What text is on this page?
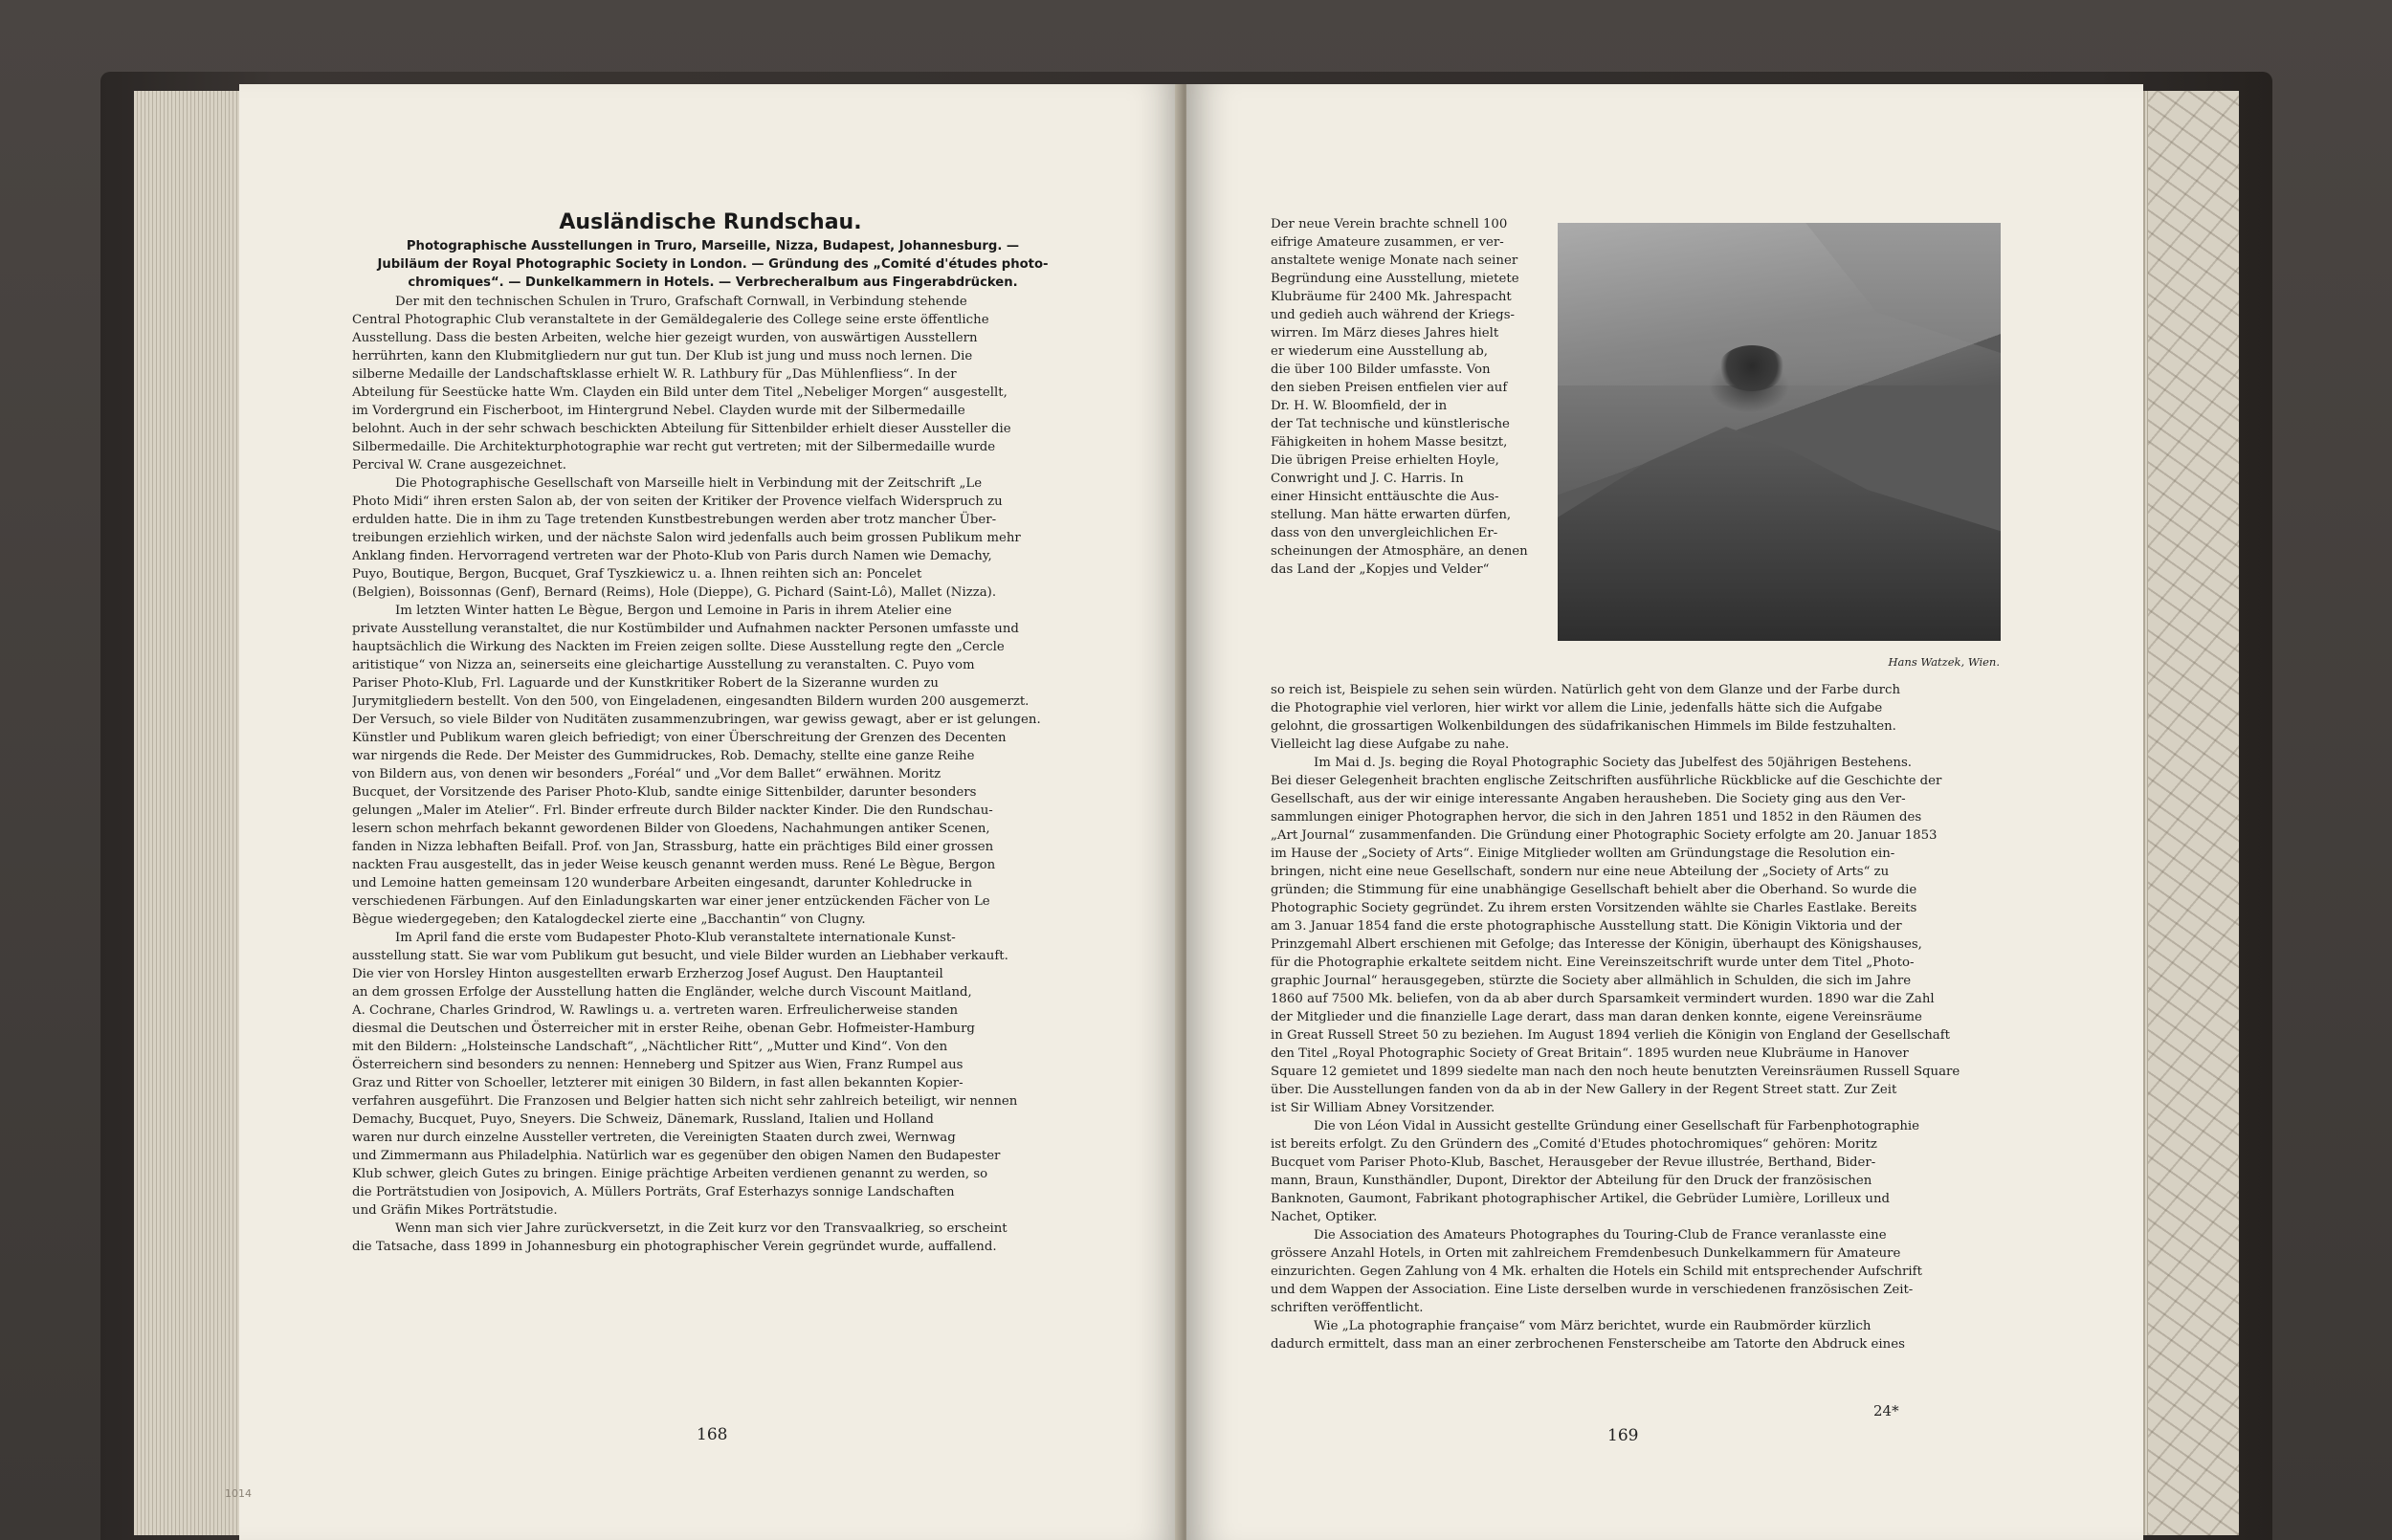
Ausländische Rundschau.
Photographische Ausstellungen in Truro, Marseille, Nizza, Budapest, Johannesburg. —
Jubiläum der Royal Photographic Society in London. — Gründung des „Comité d'études photo-
chromiques“. — Dunkelkammern in Hotels. — Verbrecheralbum aus Fingerabdrücken.

Der mit den technischen Schulen in Truro, Grafschaft Cornwall, in Verbindung stehende
Central Photographic Club veranstaltete in der Gemäldegalerie des College seine erste öffentliche
Ausstellung. Dass die besten Arbeiten, welche hier gezeigt wurden, von auswärtigen Ausstellern
herrührten, kann den Klubmitgliedern nur gut tun. Der Klub ist jung und muss noch lernen. Die
silberne Medaille der Landschaftsklasse erhielt W. R. Lathbury für „Das Mühlenfliess“. In der
Abteilung für Seestücke hatte Wm. Clayden ein Bild unter dem Titel „Nebeliger Morgen“ ausgestellt,
im Vordergrund ein Fischerboot, im Hintergrund Nebel. Clayden wurde mit der Silbermedaille
belohnt. Auch in der sehr schwach beschickten Abteilung für Sittenbilder erhielt dieser Aussteller die
Silbermedaille. Die Architekturphotographie war recht gut vertreten; mit der Silbermedaille wurde
Percival W. Crane ausgezeichnet.

Die Photographische Gesellschaft von Marseille hielt in Verbindung mit der Zeitschrift „Le
Photo Midi“ ihren ersten Salon ab, der von seiten der Kritiker der Provence vielfach Widerspruch zu
erdulden hatte. Die in ihm zu Tage tretenden Kunstbestrebungen werden aber trotz mancher Über-
treibungen erziehlich wirken, und der nächste Salon wird jedenfalls auch beim grossen Publikum mehr
Anklang finden. Hervorragend vertreten war der Photo-Klub von Paris durch Namen wie Demachy,
Puyo, Boutique, Bergon, Bucquet, Graf Tyszkiewicz u. a. Ihnen reihten sich an: Poncelet
(Belgien), Boissonnas (Genf), Bernard (Reims), Hole (Dieppe), G. Pichard (Saint-Lô), Mallet (Nizza).

Im letzten Winter hatten Le Bègue, Bergon und Lemoine in Paris in ihrem Atelier eine
private Ausstellung veranstaltet, die nur Kostümbilder und Aufnahmen nackter Personen umfasste und
hauptsächlich die Wirkung des Nackten im Freien zeigen sollte. Diese Ausstellung regte den „Cercle
aritistique“ von Nizza an, seinerseits eine gleichartige Ausstellung zu veranstalten. C. Puyo vom
Pariser Photo-Klub, Frl. Laguarde und der Kunstkritiker Robert de la Sizeranne wurden zu
Jurymitgliedern bestellt. Von den 500, von Eingeladenen, eingesandten Bildern wurden 200 ausgemerzt.
Der Versuch, so viele Bilder von Nuditäten zusammenzubringen, war gewiss gewagt, aber er ist gelungen.
Künstler und Publikum waren gleich befriedigt; von einer Überschreitung der Grenzen des Decenten
war nirgends die Rede. Der Meister des Gummidruckes, Rob. Demachy, stellte eine ganze Reihe
von Bildern aus, von denen wir besonders „Foréal“ und „Vor dem Ballet“ erwähnen. Moritz
Bucquet, der Vorsitzende des Pariser Photo-Klub, sandte einige Sittenbilder, darunter besonders
gelungen „Maler im Atelier“. Frl. Binder erfreute durch Bilder nackter Kinder. Die den Rundschau-
lesern schon mehrfach bekannt gewordenen Bilder von Gloedens, Nachahmungen antiker Scenen,
fanden in Nizza lebhaften Beifall. Prof. von Jan, Strassburg, hatte ein prächtiges Bild einer grossen
nackten Frau ausgestellt, das in jeder Weise keusch genannt werden muss. René Le Bègue, Bergon
und Lemoine hatten gemeinsam 120 wunderbare Arbeiten eingesandt, darunter Kohledrucke in
verschiedenen Färbungen. Auf den Einladungskarten war einer jener entzückenden Fächer von Le
Bègue wiedergegeben; den Katalogdeckel zierte eine „Bacchantin“ von Clugny.

Im April fand die erste vom Budapester Photo-Klub veranstaltete internationale Kunst-
ausstellung statt. Sie war vom Publikum gut besucht, und viele Bilder wurden an Liebhaber verkauft.
Die vier von Horsley Hinton ausgestellten erwarb Erzherzog Josef August. Den Hauptanteil
an dem grossen Erfolge der Ausstellung hatten die Engländer, welche durch Viscount Maitland,
A. Cochrane, Charles Grindrod, W. Rawlings u. a. vertreten waren. Erfreulicherweise standen
diesmal die Deutschen und Österreicher mit in erster Reihe, obenan Gebr. Hofmeister-Hamburg
mit den Bildern: „Holsteinsche Landschaft“, „Nächtlicher Ritt“, „Mutter und Kind“. Von den
Österreichern sind besonders zu nennen: Henneberg und Spitzer aus Wien, Franz Rumpel aus
Graz und Ritter von Schoeller, letzterer mit einigen 30 Bildern, in fast allen bekannten Kopier-
verfahren ausgeführt. Die Franzosen und Belgier hatten sich nicht sehr zahlreich beteiligt, wir nennen
Demachy, Bucquet, Puyo, Sneyers. Die Schweiz, Dänemark, Russland, Italien und Holland
waren nur durch einzelne Aussteller vertreten, die Vereinigten Staaten durch zwei, Wernwag
und Zimmermann aus Philadelphia. Natürlich war es gegenüber den obigen Namen den Budapester
Klub schwer, gleich Gutes zu bringen. Einige prächtige Arbeiten verdienen genannt zu werden, so
die Porträtstudien von Josipovich, A. Müllers Porträts, Graf Esterhazys sonnige Landschaften
und Gräfin Mikes Porträtstudie.

Wenn man sich vier Jahre zurückversetzt, in die Zeit kurz vor den Transvaalkrieg, so erscheint
die Tatsache, dass 1899 in Johannesburg ein photographischer Verein gegründet wurde, auffallend.

168

Der neue Verein brachte schnell 100
eifrige Amateure zusammen, er ver-
anstaltete wenige Monate nach seiner
Begründung eine Ausstellung, mietete
Klubräume für 2400 Mk. Jahrespacht
und gedieh auch während der Kriegs-
wirren. Im März dieses Jahres hielt
er wiederum eine Ausstellung ab,
die über 100 Bilder umfasste. Von
den sieben Preisen entfielen vier auf
Dr. H. W. Bloomfield, der in
der Tat technische und künstlerische
Fähigkeiten in hohem Masse besitzt,
Die übrigen Preise erhielten Hoyle,
Conwright und J. C. Harris. In
einer Hinsicht enttäuschte die Aus-
stellung. Man hätte erwarten dürfen,
dass von den unvergleichlichen Er-
scheinungen der Atmosphäre, an denen
das Land der „Kopjes und Velder“

Hans Watzek, Wien.

so reich ist, Beispiele zu sehen sein würden. Natürlich geht von dem Glanze und der Farbe durch
die Photographie viel verloren, hier wirkt vor allem die Linie, jedenfalls hätte sich die Aufgabe
gelohnt, die grossartigen Wolkenbildungen des südafrikanischen Himmels im Bilde festzuhalten.
Vielleicht lag diese Aufgabe zu nahe.

Im Mai d. Js. beging die Royal Photographic Society das Jubelfest des 50jährigen Bestehens.
Bei dieser Gelegenheit brachten englische Zeitschriften ausführliche Rückblicke auf die Geschichte der
Gesellschaft, aus der wir einige interessante Angaben herausheben. Die Society ging aus den Ver-
sammlungen einiger Photographen hervor, die sich in den Jahren 1851 und 1852 in den Räumen des
„Art Journal“ zusammenfanden. Die Gründung einer Photographic Society erfolgte am 20. Januar 1853
im Hause der „Society of Arts“. Einige Mitglieder wollten am Gründungstage die Resolution ein-
bringen, nicht eine neue Gesellschaft, sondern nur eine neue Abteilung der „Society of Arts“ zu
gründen; die Stimmung für eine unabhängige Gesellschaft behielt aber die Oberhand. So wurde die
Photographic Society gegründet. Zu ihrem ersten Vorsitzenden wählte sie Charles Eastlake. Bereits
am 3. Januar 1854 fand die erste photographische Ausstellung statt. Die Königin Viktoria und der
Prinzgemahl Albert erschienen mit Gefolge; das Interesse der Königin, überhaupt des Königshauses,
für die Photographie erkaltete seitdem nicht. Eine Vereinszeitschrift wurde unter dem Titel „Photo-
graphic Journal“ herausgegeben, stürzte die Society aber allmählich in Schulden, die sich im Jahre
1860 auf 7500 Mk. beliefen, von da ab aber durch Sparsamkeit vermindert wurden. 1890 war die Zahl
der Mitglieder und die finanzielle Lage derart, dass man daran denken konnte, eigene Vereinsräume
in Great Russell Street 50 zu beziehen. Im August 1894 verlieh die Königin von England der Gesellschaft
den Titel „Royal Photographic Society of Great Britain“. 1895 wurden neue Klubräume in Hanover
Square 12 gemietet und 1899 siedelte man nach den noch heute benutzten Vereinsräumen Russell Square
über. Die Ausstellungen fanden von da ab in der New Gallery in der Regent Street statt. Zur Zeit
ist Sir William Abney Vorsitzender.

Die von Léon Vidal in Aussicht gestellte Gründung einer Gesellschaft für Farbenphotographie
ist bereits erfolgt. Zu den Gründern des „Comité d'Etudes photochromiques“ gehören: Moritz
Bucquet vom Pariser Photo-Klub, Baschet, Herausgeber der Revue illustrée, Berthand, Bider-
mann, Braun, Kunsthändler, Dupont, Direktor der Abteilung für den Druck der französischen
Banknoten, Gaumont, Fabrikant photographischer Artikel, die Gebrüder Lumière, Lorilleux und
Nachet, Optiker.

Die Association des Amateurs Photographes du Touring-Club de France veranlasste eine
grössere Anzahl Hotels, in Orten mit zahlreichem Fremdenbesuch Dunkelkammern für Amateure
einzurichten. Gegen Zahlung von 4 Mk. erhalten die Hotels ein Schild mit entsprechender Aufschrift
und dem Wappen der Association. Eine Liste derselben wurde in verschiedenen französischen Zeit-
schriften veröffentlicht.

Wie „La photographie française“ vom März berichtet, wurde ein Raubmörder kürzlich
dadurch ermittelt, dass man an einer zerbrochenen Fensterscheibe am Tatorte den Abdruck eines

24*
169
1014
